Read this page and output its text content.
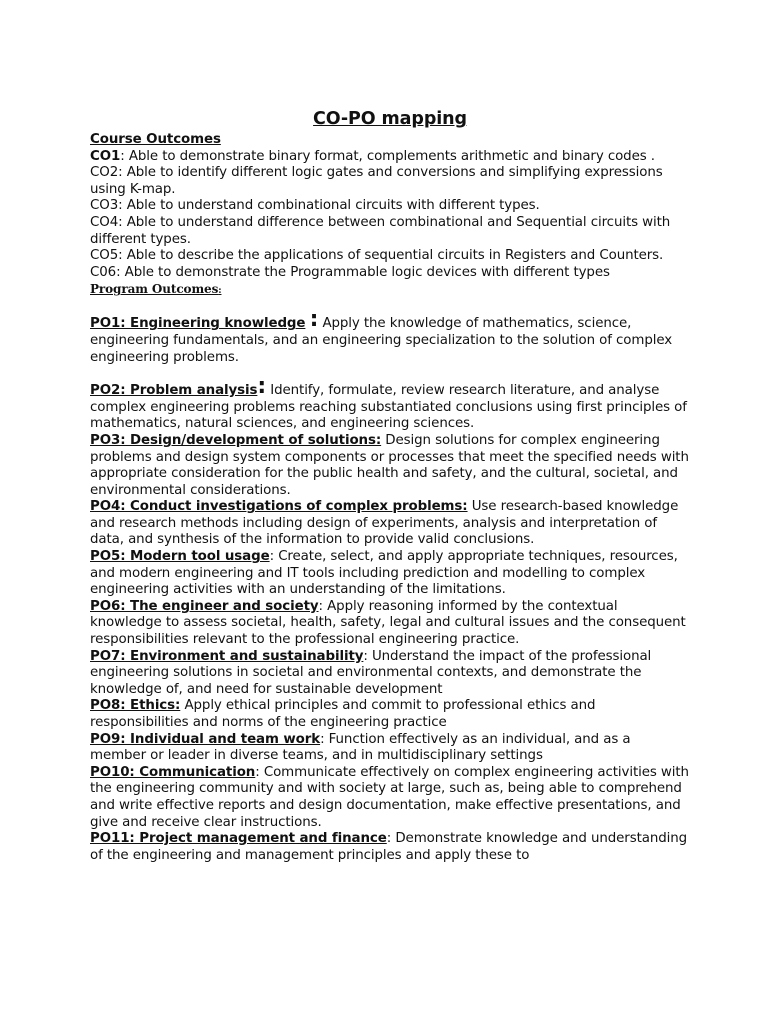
CO-PO mapping
Course Outcomes

CO1: Able to demonstrate binary format, complements arithmetic and binary codes .

CO2: Able to identify different logic gates and conversions and simplifying expressions using K-map.

CO3: Able to understand combinational circuits with different types.

CO4: Able to understand difference between combinational and Sequential circuits with different types.

CO5: Able to describe the applications of sequential circuits in Registers and Counters.

C06: Able to demonstrate the Programmable logic devices with different types

Program Outcomes:

PO1: Engineering knowledge : Apply the knowledge of mathematics, science, engineering fundamentals, and an engineering specialization to the solution of complex engineering problems.

PO2: Problem analysis: Identify, formulate, review research literature, and analyse complex engineering problems reaching substantiated conclusions using first principles of mathematics, natural sciences, and engineering sciences.

PO3: Design/development of solutions: Design solutions for complex engineering problems and design system components or processes that meet the specified needs with appropriate consideration for the public health and safety, and the cultural, societal, and environmental considerations.

PO4: Conduct investigations of complex problems: Use research-based knowledge and research methods including design of experiments, analysis and interpretation of data, and synthesis of the information to provide valid conclusions.

PO5: Modern tool usage: Create, select, and apply appropriate techniques, resources, and modern engineering and IT tools including prediction and modelling to complex engineering activities with an understanding of the limitations.

PO6: The engineer and society: Apply reasoning informed by the contextual knowledge to assess societal, health, safety, legal and cultural issues and the consequent responsibilities relevant to the professional engineering practice.

PO7: Environment and sustainability: Understand the impact of the professional engineering solutions in societal and environmental contexts, and demonstrate the knowledge of, and need for sustainable development

PO8: Ethics: Apply ethical principles and commit to professional ethics and responsibilities and norms of the engineering practice

PO9: Individual and team work: Function effectively as an individual, and as a member or leader in diverse teams, and in multidisciplinary settings

PO10: Communication: Communicate effectively on complex engineering activities with the engineering community and with society at large, such as, being able to comprehend and write effective reports and design documentation, make effective presentations, and give and receive clear instructions.

PO11: Project management and finance: Demonstrate knowledge and understanding of the engineering and management principles and apply these to
